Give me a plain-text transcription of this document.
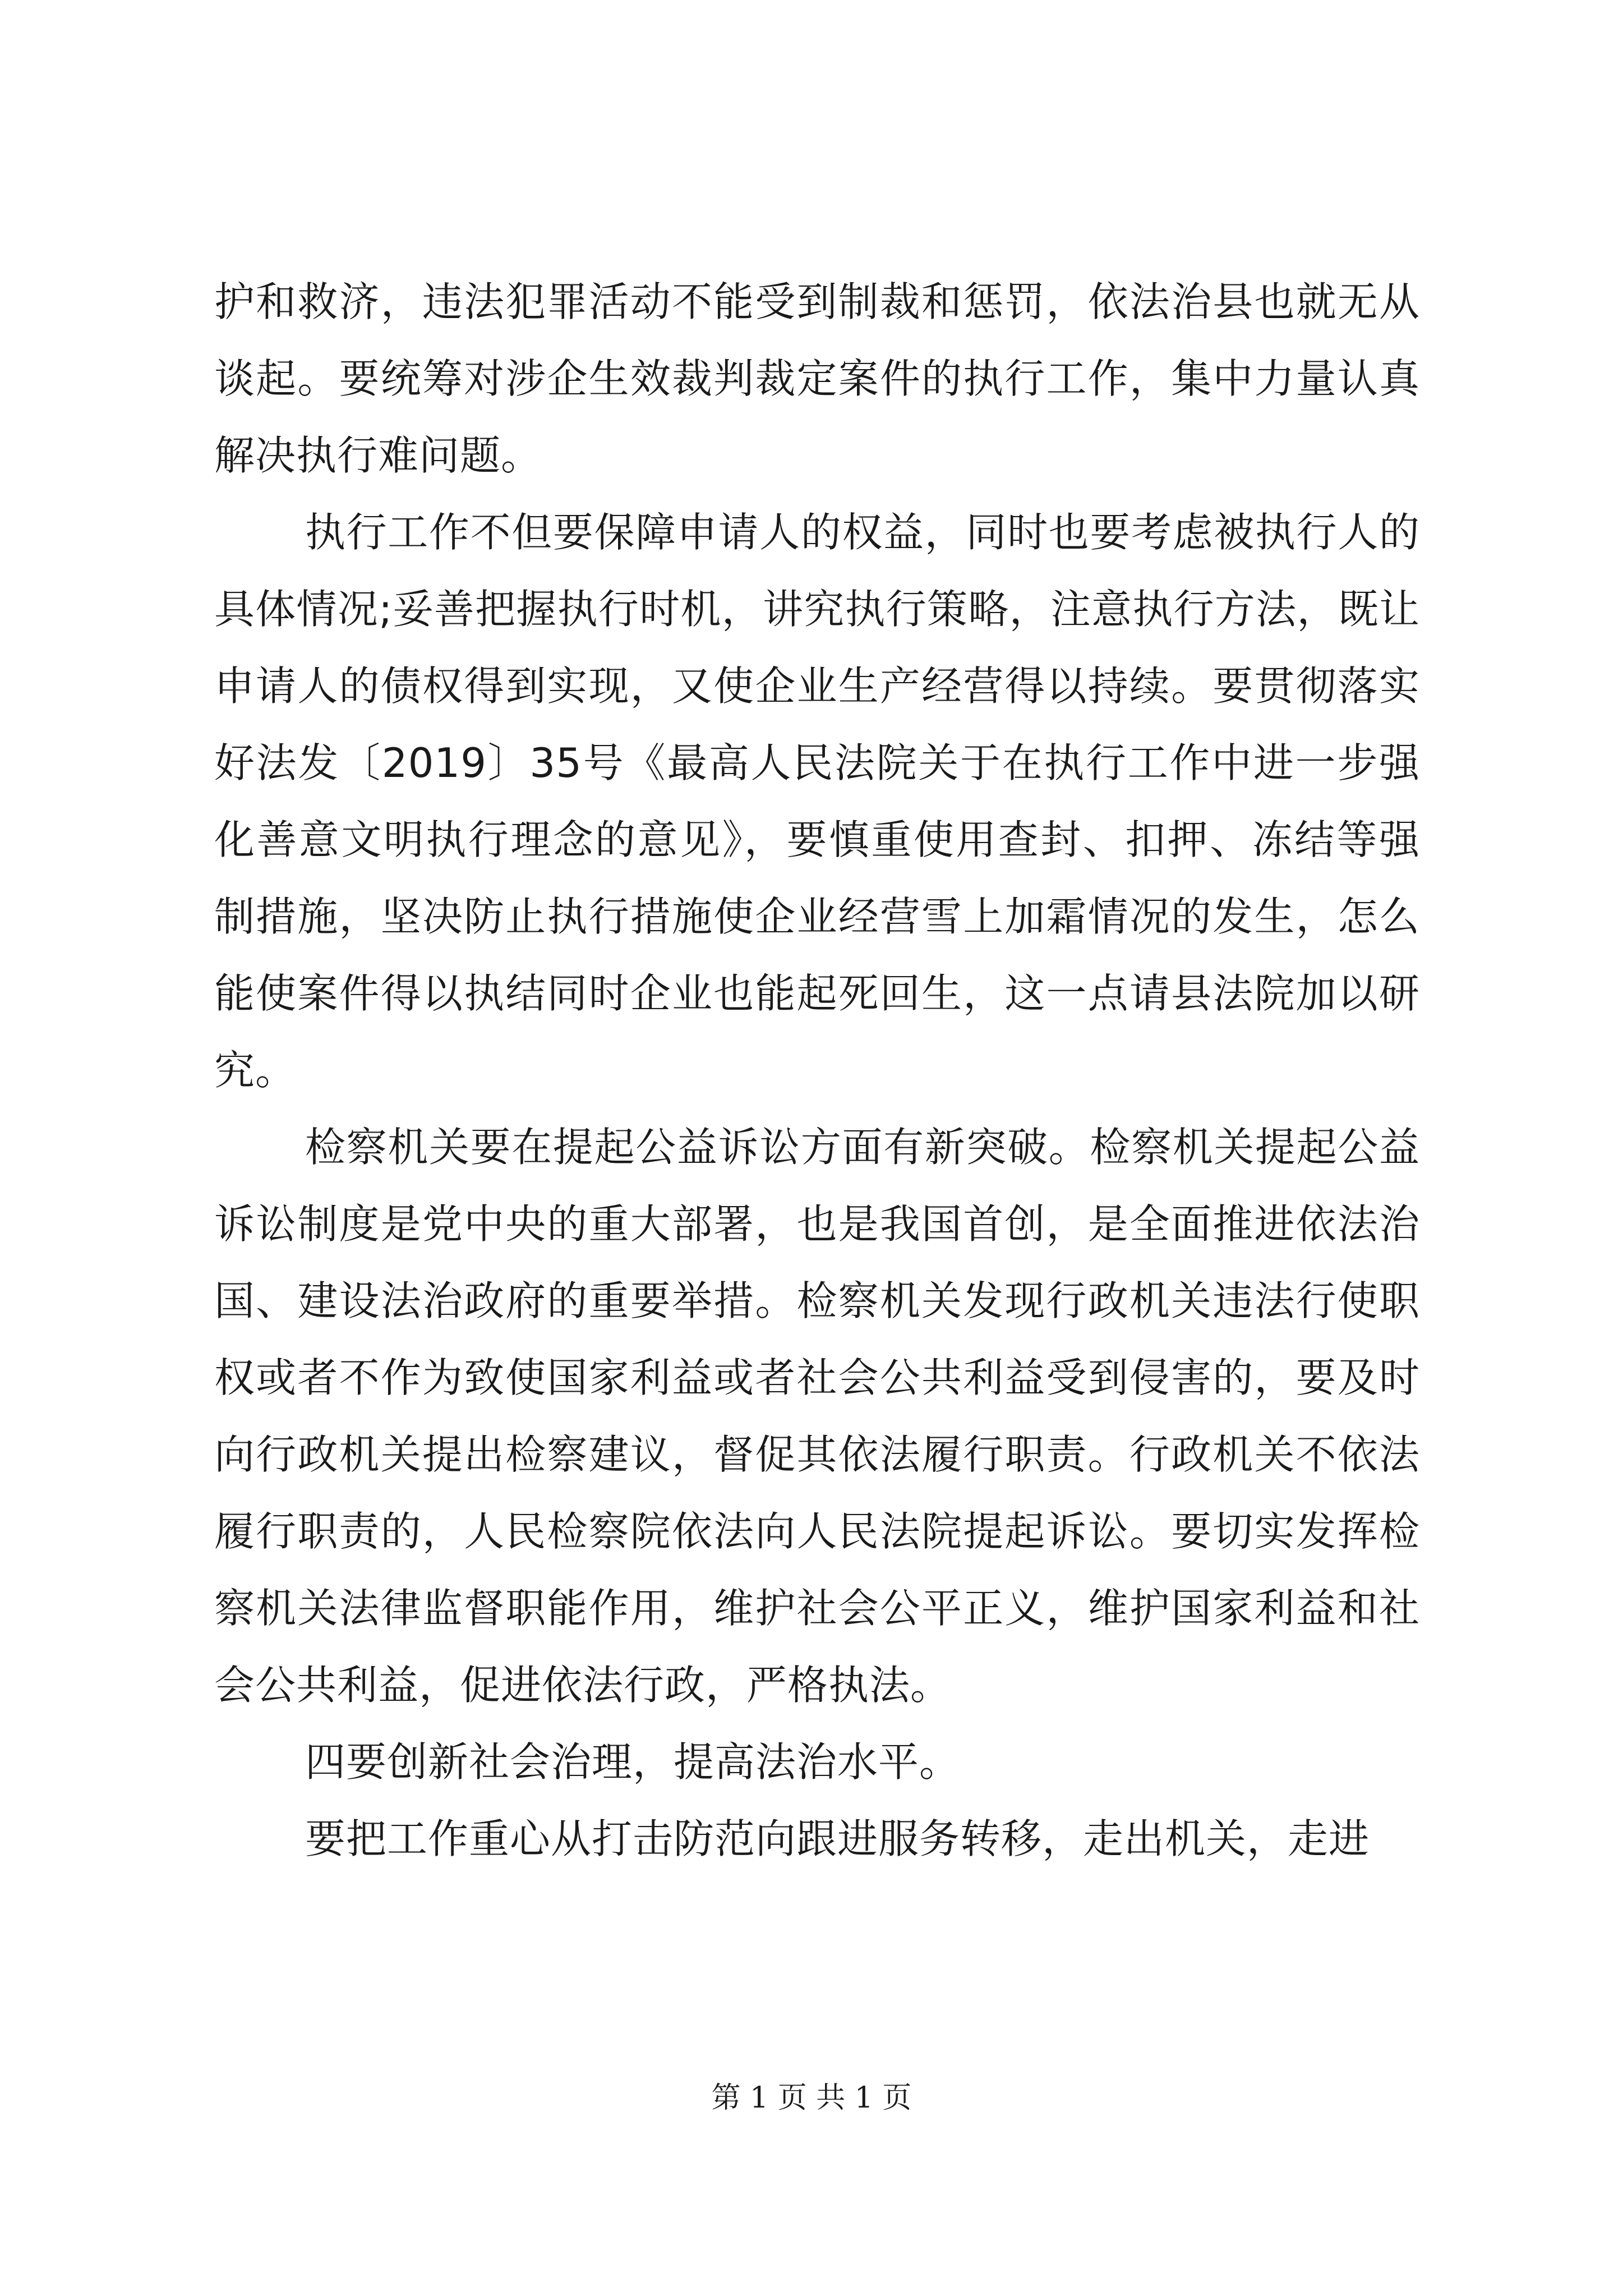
护和救济，违法犯罪活动不能受到制裁和惩罚，依法治县也就无从谈起。要统筹对涉企生效裁判裁定案件的执行工作，集中力量认真解决执行难问题。

执行工作不但要保障申请人的权益，同时也要考虑被执行人的具体情况;妥善把握执行时机，讲究执行策略，注意执行方法，既让申请人的债权得到实现，又使企业生产经营得以持续。要贯彻落实好法发〔2019〕35号《最高人民法院关于在执行工作中进一步强化善意文明执行理念的意见》，要慎重使用查封、扣押、冻结等强制措施，坚决防止执行措施使企业经营雪上加霜情况的发生，怎么能使案件得以执结同时企业也能起死回生，这一点请县法院加以研究。

检察机关要在提起公益诉讼方面有新突破。检察机关提起公益诉讼制度是党中央的重大部署，也是我国首创，是全面推进依法治国、建设法治政府的重要举措。检察机关发现行政机关违法行使职权或者不作为致使国家利益或者社会公共利益受到侵害的，要及时向行政机关提出检察建议，督促其依法履行职责。行政机关不依法履行职责的，人民检察院依法向人民法院提起诉讼。要切实发挥检察机关法律监督职能作用，维护社会公平正义，维护国家利益和社会公共利益，促进依法行政，严格执法。

四要创新社会治理，提高法治水平。

要把工作重心从打击防范向跟进服务转移，走出机关，走进

第 1 页 共 1 页
